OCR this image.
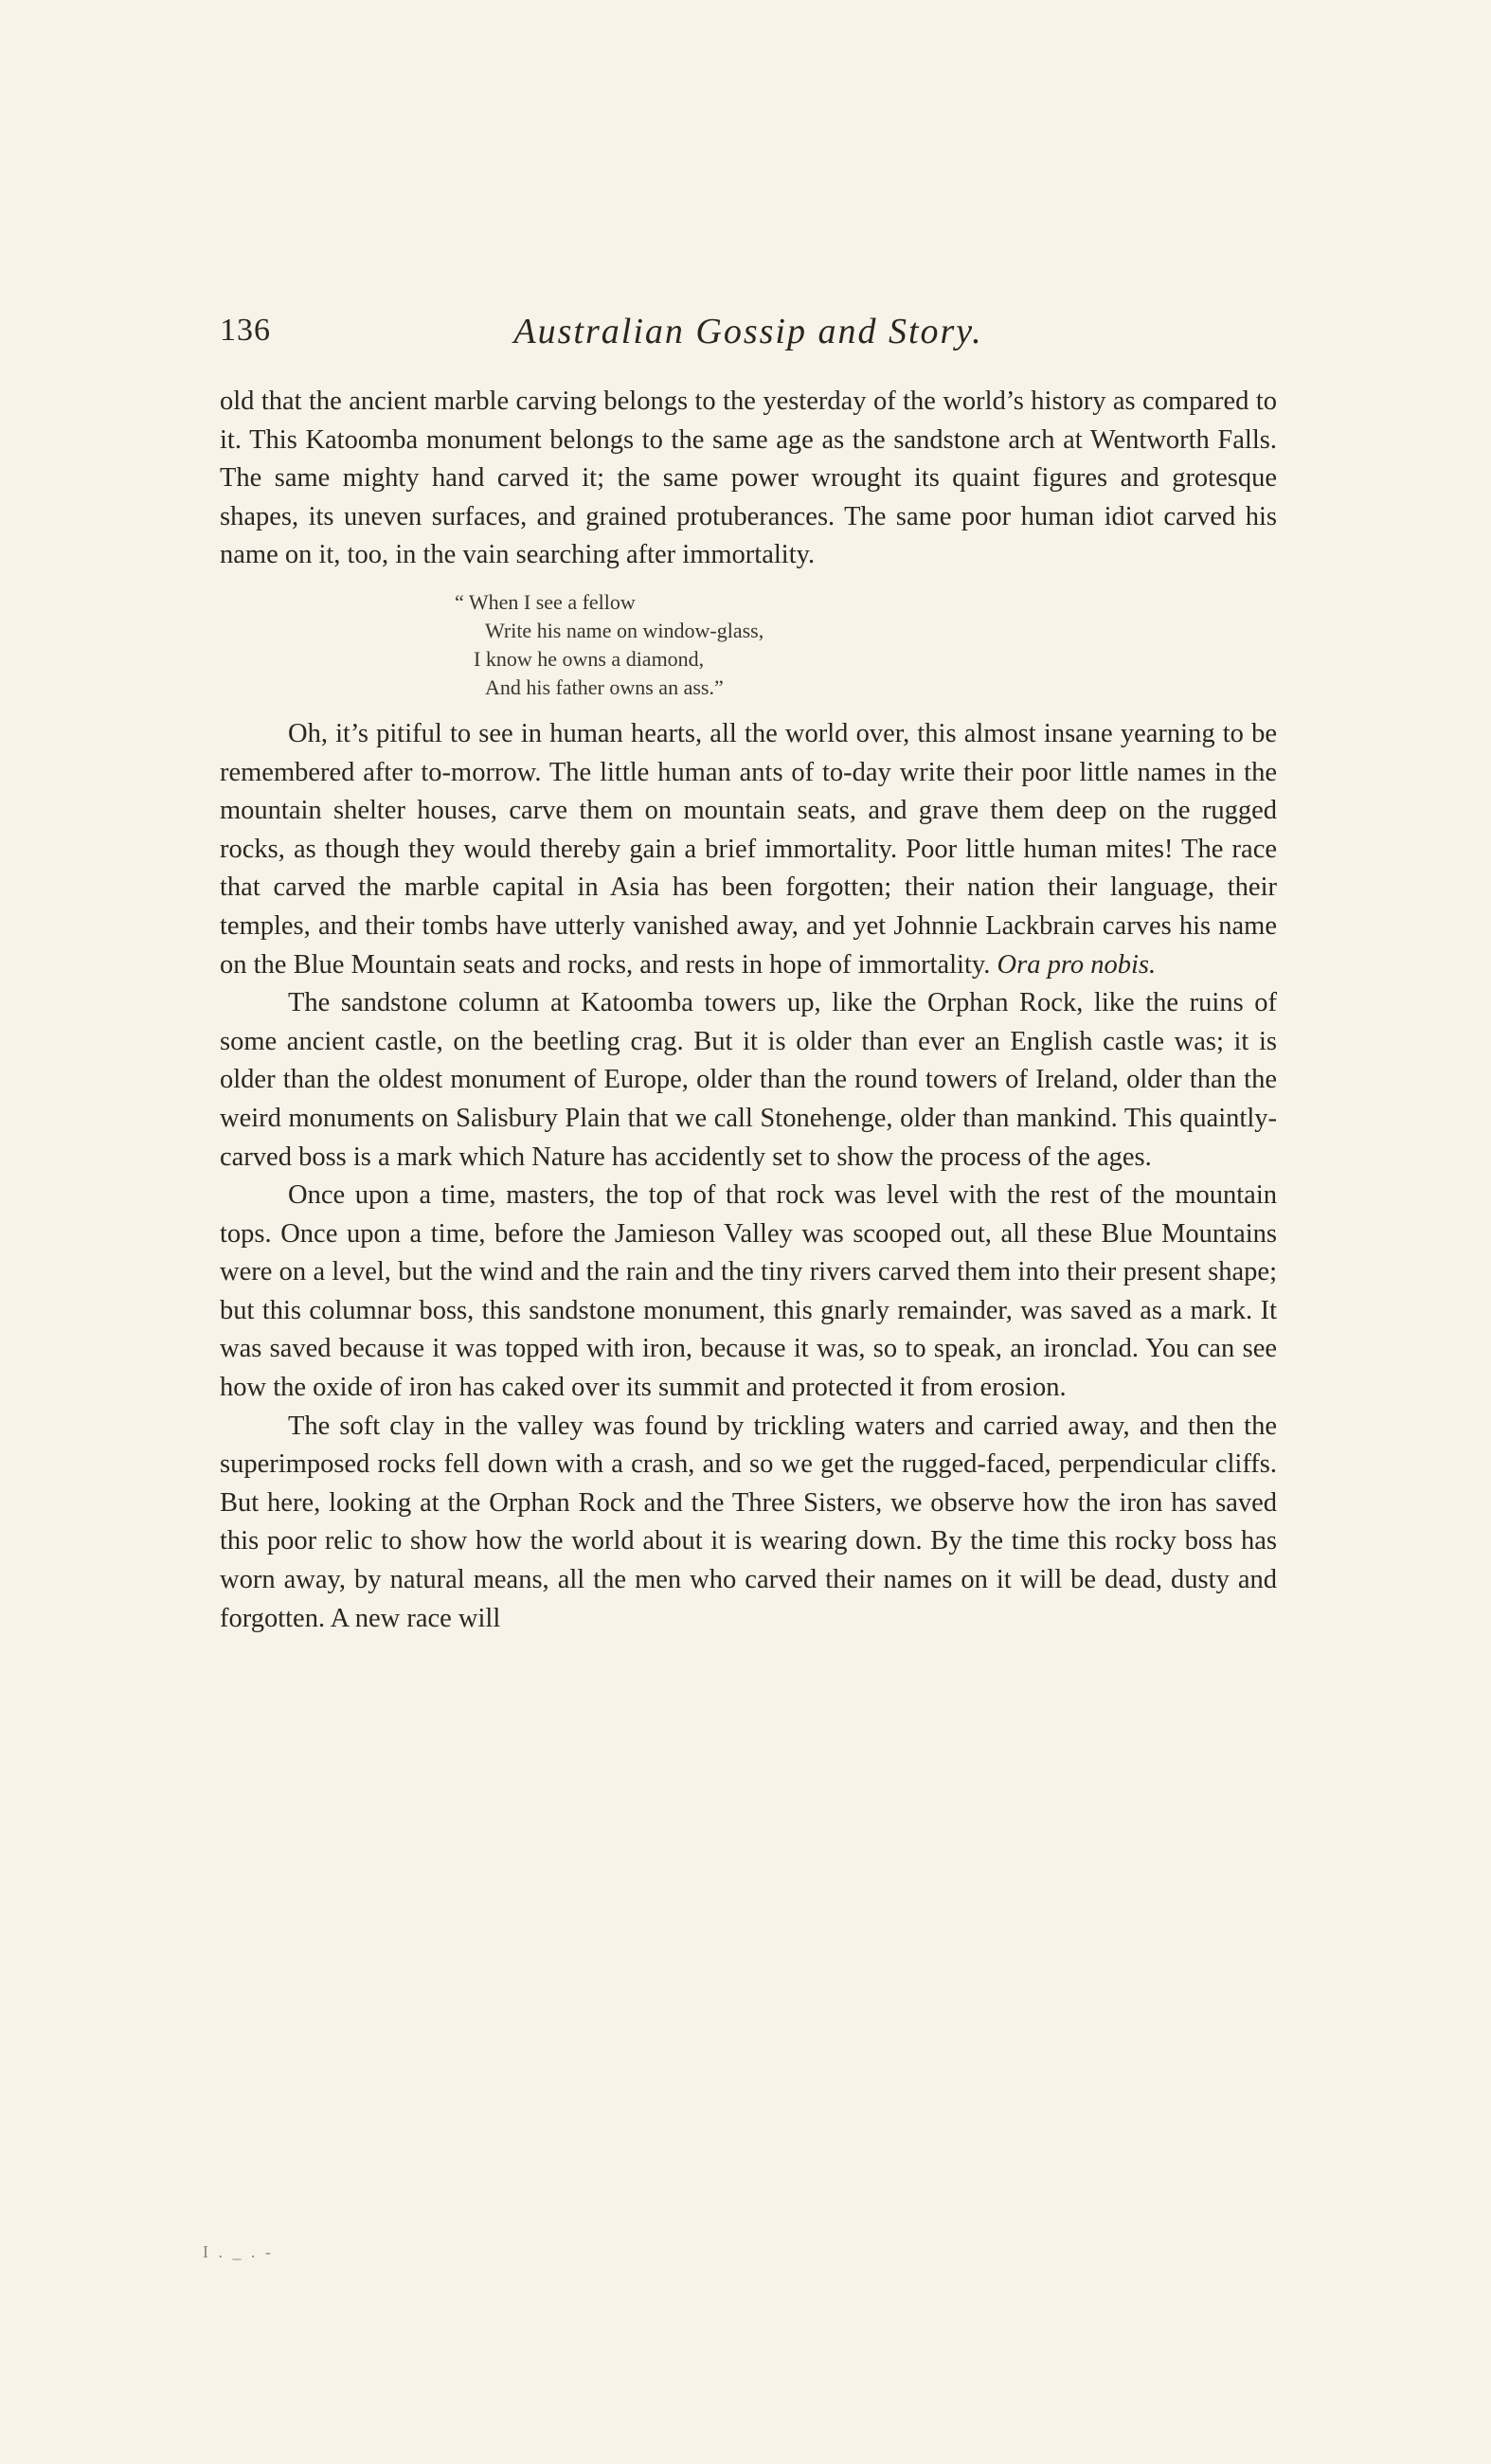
136	Australian Gossip and Story.

old that the ancient marble carving belongs to the yesterday of the world’s history as compared to it. This Katoomba monument belongs to the same age as the sandstone arch at Wentworth Falls. The same mighty hand carved it; the same power wrought its quaint figures and grotesque shapes, its uneven surfaces, and grained protuberances. The same poor human idiot carved his name on it, too, in the vain searching after immortality.

“ When I see a fellow
Write his name on window-glass,
I know he owns a diamond,
And his father owns an ass.”

Oh, it’s pitiful to see in human hearts, all the world over, this almost insane yearning to be remembered after to-morrow. The little human ants of to-day write their poor little names in the mountain shelter houses, carve them on mountain seats, and grave them deep on the rugged rocks, as though they would thereby gain a brief immortality. Poor little human mites! The race that carved the marble capital in Asia has been forgotten; their nation their language, their temples, and their tombs have utterly vanished away, and yet Johnnie Lackbrain carves his name on the Blue Mountain seats and rocks, and rests in hope of immortality. Ora pro nobis.

The sandstone column at Katoomba towers up, like the Orphan Rock, like the ruins of some ancient castle, on the beetling crag. But it is older than ever an English castle was; it is older than the oldest monument of Europe, older than the round towers of Ireland, older than the weird monuments on Salisbury Plain that we call Stonehenge, older than mankind. This quaintly-carved boss is a mark which Nature has accidently set to show the process of the ages.

Once upon a time, masters, the top of that rock was level with the rest of the mountain tops. Once upon a time, before the Jamieson Valley was scooped out, all these Blue Mountains were on a level, but the wind and the rain and the tiny rivers carved them into their present shape; but this columnar boss, this sandstone monument, this gnarly remainder, was saved as a mark. It was saved because it was topped with iron, because it was, so to speak, an ironclad. You can see how the oxide of iron has caked over its summit and protected it from erosion.

The soft clay in the valley was found by trickling waters and carried away, and then the superimposed rocks fell down with a crash, and so we get the rugged-faced, perpendicular cliffs. But here, looking at the Orphan Rock and the Three Sisters, we observe how the iron has saved this poor relic to show how the world about it is wearing down. By the time this rocky boss has worn away, by natural means, all the men who carved their names on it will be dead, dusty and forgotten. A new race will

I . _ . -
